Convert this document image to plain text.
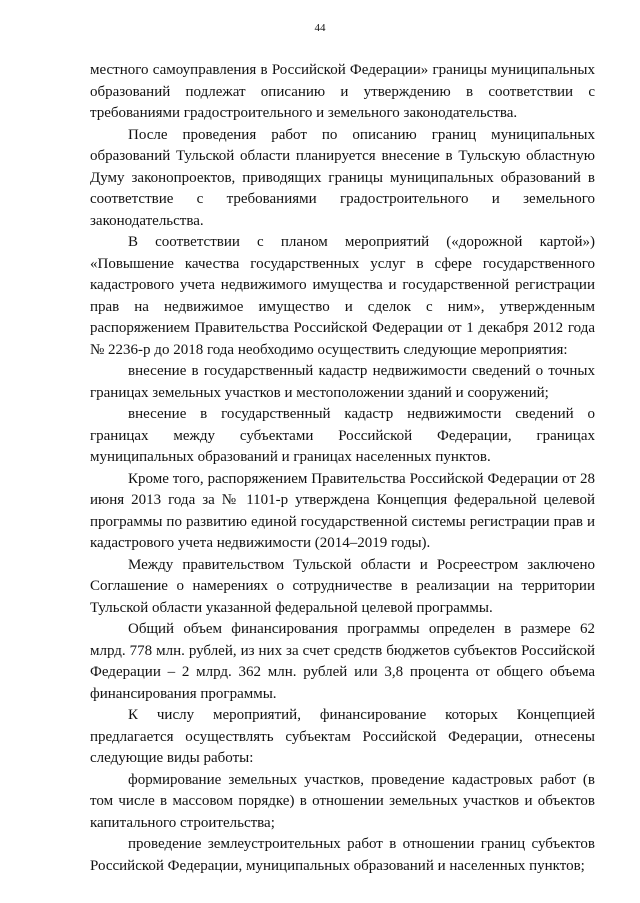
44

местного самоуправления в Российской Федерации» границы муниципальных образований подлежат описанию и утверждению в соответствии с требованиями градостроительного и земельного законодательства.

После проведения работ по описанию границ муниципальных образований Тульской области планируется внесение в Тульскую областную Думу законопроектов, приводящих границы муниципальных образований в соответствие с требованиями градостроительного и земельного законодательства.

В соответствии с планом мероприятий («дорожной картой») «Повышение качества государственных услуг в сфере государственного кадастрового учета недвижимого имущества и государственной регистрации прав на недвижимое имущество и сделок с ним», утвержденным распоряжением Правительства Российской Федерации от 1 декабря 2012 года № 2236-р до 2018 года необходимо осуществить следующие мероприятия:

внесение в государственный кадастр недвижимости сведений о точных границах земельных участков и местоположении зданий и сооружений;

внесение в государственный кадастр недвижимости сведений о границах между субъектами Российской Федерации, границах муниципальных образований и границах населенных пунктов.

Кроме того, распоряжением Правительства Российской Федерации от 28 июня 2013 года за № 1101-р утверждена Концепция федеральной целевой программы по развитию единой государственной системы регистрации прав и кадастрового учета недвижимости (2014–2019 годы).

Между правительством Тульской области и Росреестром заключено Соглашение о намерениях о сотрудничестве в реализации на территории Тульской области указанной федеральной целевой программы.

Общий объем финансирования программы определен в размере 62 млрд. 778 млн. рублей, из них за счет средств бюджетов субъектов Российской Федерации – 2 млрд. 362 млн. рублей или 3,8 процента от общего объема финансирования программы.

К числу мероприятий, финансирование которых Концепцией предлагается осуществлять субъектам Российской Федерации, отнесены следующие виды работы:

формирование земельных участков, проведение кадастровых работ (в том числе в массовом порядке) в отношении земельных участков и объектов капитального строительства;

проведение землеустроительных работ в отношении границ субъектов Российской Федерации, муниципальных образований и населенных пунктов;
